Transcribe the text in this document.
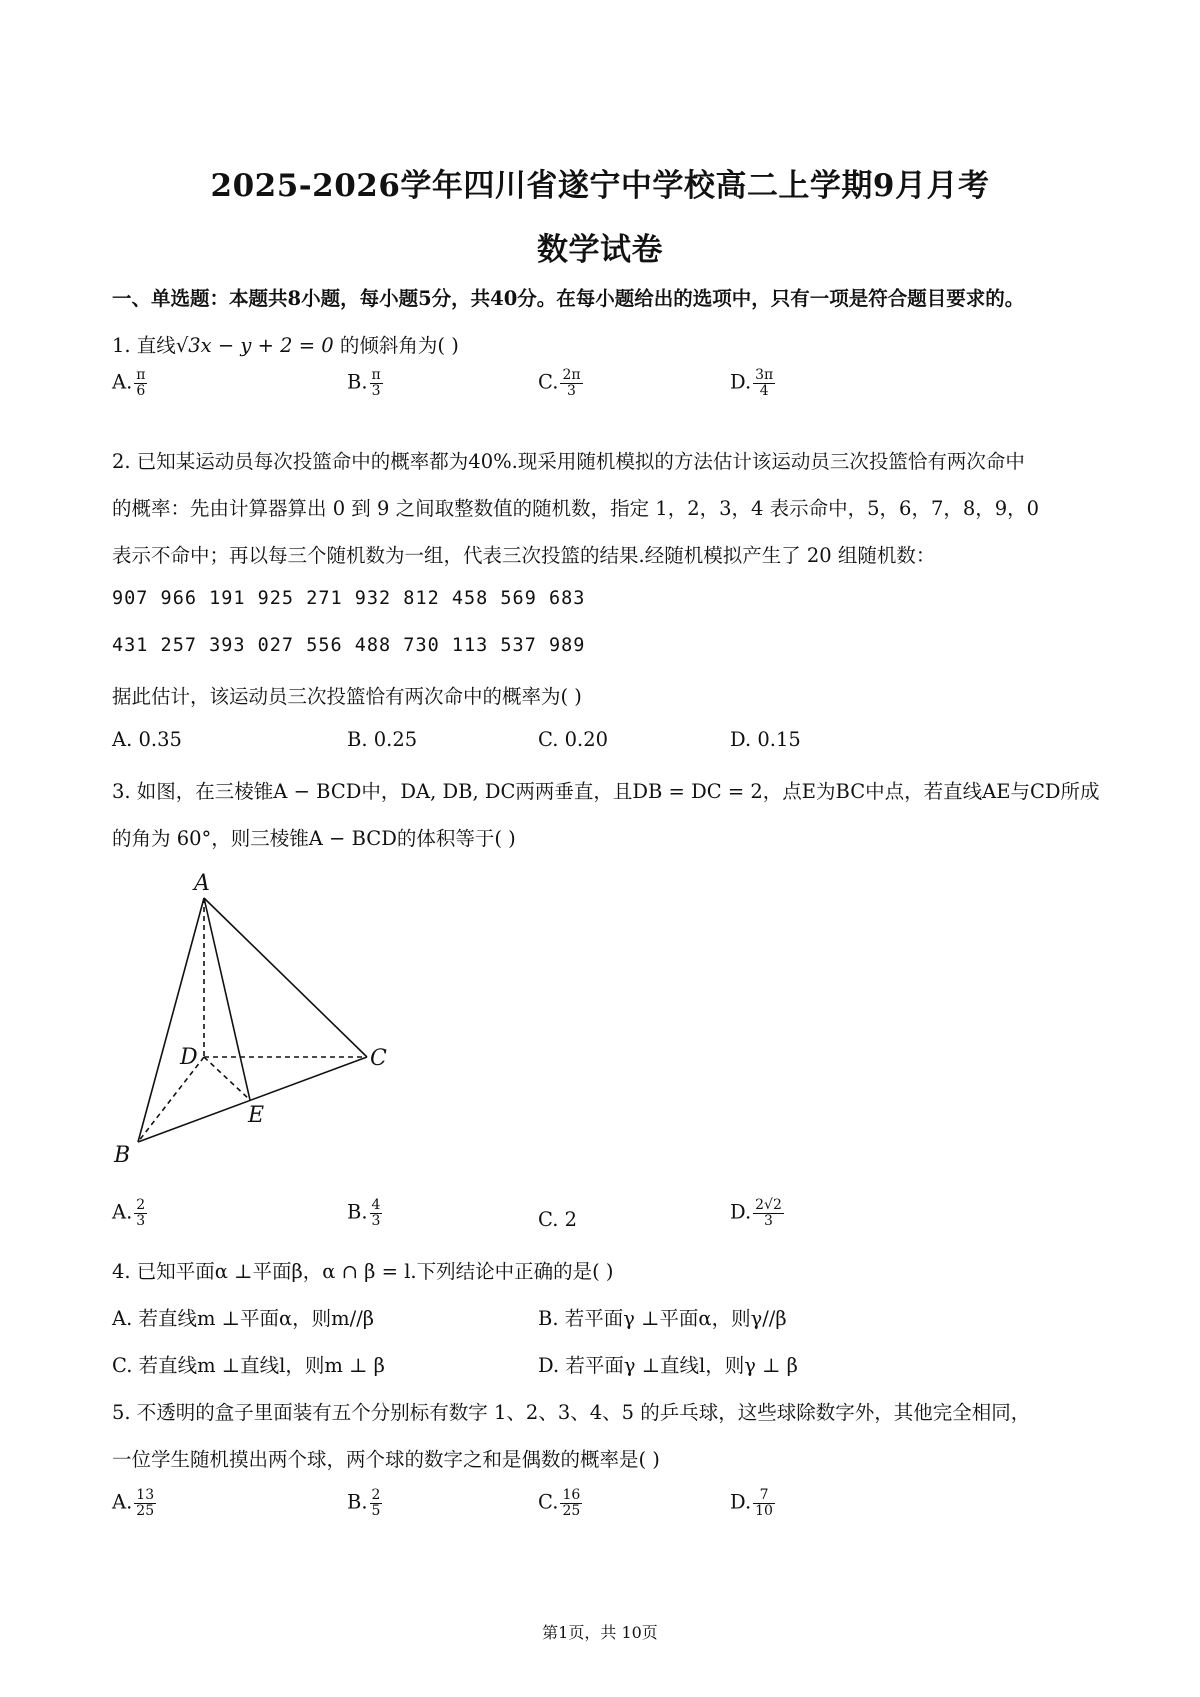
2025-2026学年四川省遂宁中学校高二上学期9月月考
数学试卷
一、单选题：本题共8小题，每小题5分，共40分。在每小题给出的选项中，只有一项是符合题目要求的。
1. 直线√3x − y + 2 = 0 的倾斜角为( )
A. $\frac{\pi}{6}$	B. $\frac{\pi}{3}$	C. $\frac{2\pi}{3}$	D. $\frac{3\pi}{4}$
2. 已知某运动员每次投篮命中的概率都为40%.现采用随机模拟的方法估计该运动员三次投篮恰有两次命中
的概率：先由计算器算出 0 到 9 之间取整数值的随机数，指定 1，2，3，4 表示命中，5，6，7，8，9，0
表示不命中；再以每三个随机数为一组，代表三次投篮的结果.经随机模拟产生了 20 组随机数：
907 966 191 925 271 932 812 458 569 683
431 257 393 027 556 488 730 113 537 989
据此估计，该运动员三次投篮恰有两次命中的概率为( )
A. 0.35	B. 0.25	C. 0.20	D. 0.15
3. 如图，在三棱锥A − BCD中，DA, DB, DC两两垂直，且DB = DC = 2，点E为BC中点，若直线AE与CD所成
的角为 60°，则三棱锥A − BCD的体积等于( )
A
B
C
D
E
A. $\frac{2}{3}$	B. $\frac{4}{3}$	C. 2	D. $\frac{2√2}{3}$
4. 已知平面α ⊥平面β，α ∩ β = l.下列结论中正确的是( )
A. 若直线m ⊥平面α，则m//β	B. 若平面γ ⊥平面α，则γ//β
C. 若直线m ⊥直线l，则m ⊥ β	D. 若平面γ ⊥直线l，则γ ⊥ β
5. 不透明的盒子里面装有五个分别标有数字 1、2、3、4、5 的乒乓球，这些球除数字外，其他完全相同，
一位学生随机摸出两个球，两个球的数字之和是偶数的概率是( )
A. $\frac{13}{25}$	B. $\frac{2}{5}$	C. $\frac{16}{25}$	D. $\frac{7}{10}$
第1页，共 10页
